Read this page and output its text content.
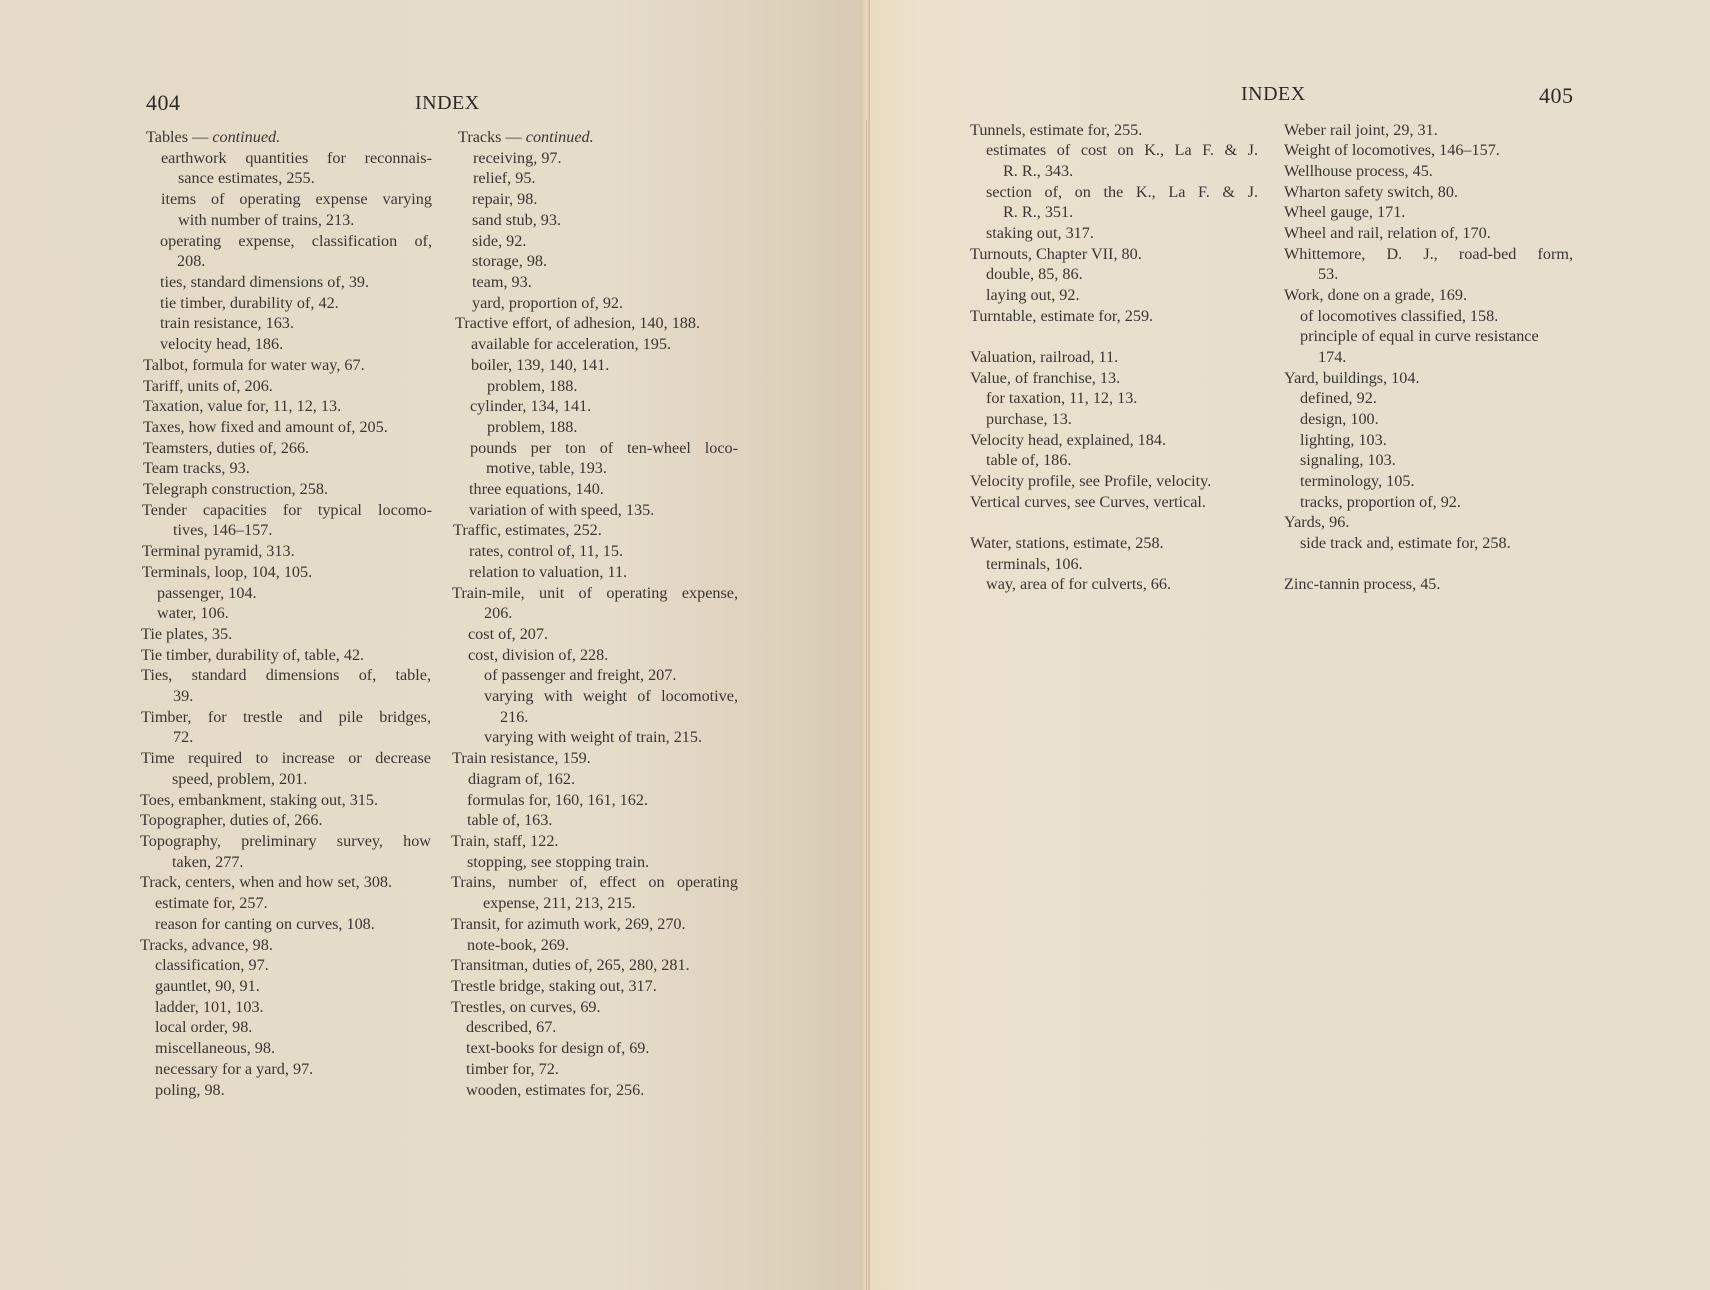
404	INDEX
Tables — continued.
earthwork quantities for reconnais-
sance estimates, 255.
items of operating expense varying
with number of trains, 213.
operating expense, classification of,
208.
ties, standard dimensions of, 39.
tie timber, durability of, 42.
train resistance, 163.
velocity head, 186.
Talbot, formula for water way, 67.
Tariff, units of, 206.
Taxation, value for, 11, 12, 13.
Taxes, how fixed and amount of, 205.
Teamsters, duties of, 266.
Team tracks, 93.
Telegraph construction, 258.
Tender capacities for typical locomo-
tives, 146–157.
Terminal pyramid, 313.
Terminals, loop, 104, 105.
passenger, 104.
water, 106.
Tie plates, 35.
Tie timber, durability of, table, 42.
Ties, standard dimensions of, table,
39.
Timber, for trestle and pile bridges,
72.
Time required to increase or decrease
speed, problem, 201.
Toes, embankment, staking out, 315.
Topographer, duties of, 266.
Topography, preliminary survey, how
taken, 277.
Track, centers, when and how set, 308.
estimate for, 257.
reason for canting on curves, 108.
Tracks, advance, 98.
classification, 97.
gauntlet, 90, 91.
ladder, 101, 103.
local order, 98.
miscellaneous, 98.
necessary for a yard, 97.
poling, 98.
Tracks — continued.
receiving, 97.
relief, 95.
repair, 98.
sand stub, 93.
side, 92.
storage, 98.
team, 93.
yard, proportion of, 92.
Tractive effort, of adhesion, 140, 188.
available for acceleration, 195.
boiler, 139, 140, 141.
problem, 188.
cylinder, 134, 141.
problem, 188.
pounds per ton of ten-wheel loco-
motive, table, 193.
three equations, 140.
variation of with speed, 135.
Traffic, estimates, 252.
rates, control of, 11, 15.
relation to valuation, 11.
Train-mile, unit of operating expense,
206.
cost of, 207.
cost, division of, 228.
of passenger and freight, 207.
varying with weight of locomotive,
216.
varying with weight of train, 215.
Train resistance, 159.
diagram of, 162.
formulas for, 160, 161, 162.
table of, 163.
Train, staff, 122.
stopping, see stopping train.
Trains, number of, effect on operating
expense, 211, 213, 215.
Transit, for azimuth work, 269, 270.
note-book, 269.
Transitman, duties of, 265, 280, 281.
Trestle bridge, staking out, 317.
Trestles, on curves, 69.
described, 67.
text-books for design of, 69.
timber for, 72.
wooden, estimates for, 256.
INDEX	405
Tunnels, estimate for, 255.
estimates of cost on K., La F. & J.
R. R., 343.
section of, on the K., La F. & J.
R. R., 351.
staking out, 317.
Turnouts, Chapter VII, 80.
double, 85, 86.
laying out, 92.
Turntable, estimate for, 259.
Valuation, railroad, 11.
Value, of franchise, 13.
for taxation, 11, 12, 13.
purchase, 13.
Velocity head, explained, 184.
table of, 186.
Velocity profile, see Profile, velocity.
Vertical curves, see Curves, vertical.
Water, stations, estimate, 258.
terminals, 106.
way, area of for culverts, 66.
Weber rail joint, 29, 31.
Weight of locomotives, 146–157.
Wellhouse process, 45.
Wharton safety switch, 80.
Wheel gauge, 171.
Wheel and rail, relation of, 170.
Whittemore, D. J., road-bed form,
53.
Work, done on a grade, 169.
of locomotives classified, 158.
principle of equal in curve resistance
174.
Yard, buildings, 104.
defined, 92.
design, 100.
lighting, 103.
signaling, 103.
terminology, 105.
tracks, proportion of, 92.
Yards, 96.
side track and, estimate for, 258.
Zinc-tannin process, 45.
